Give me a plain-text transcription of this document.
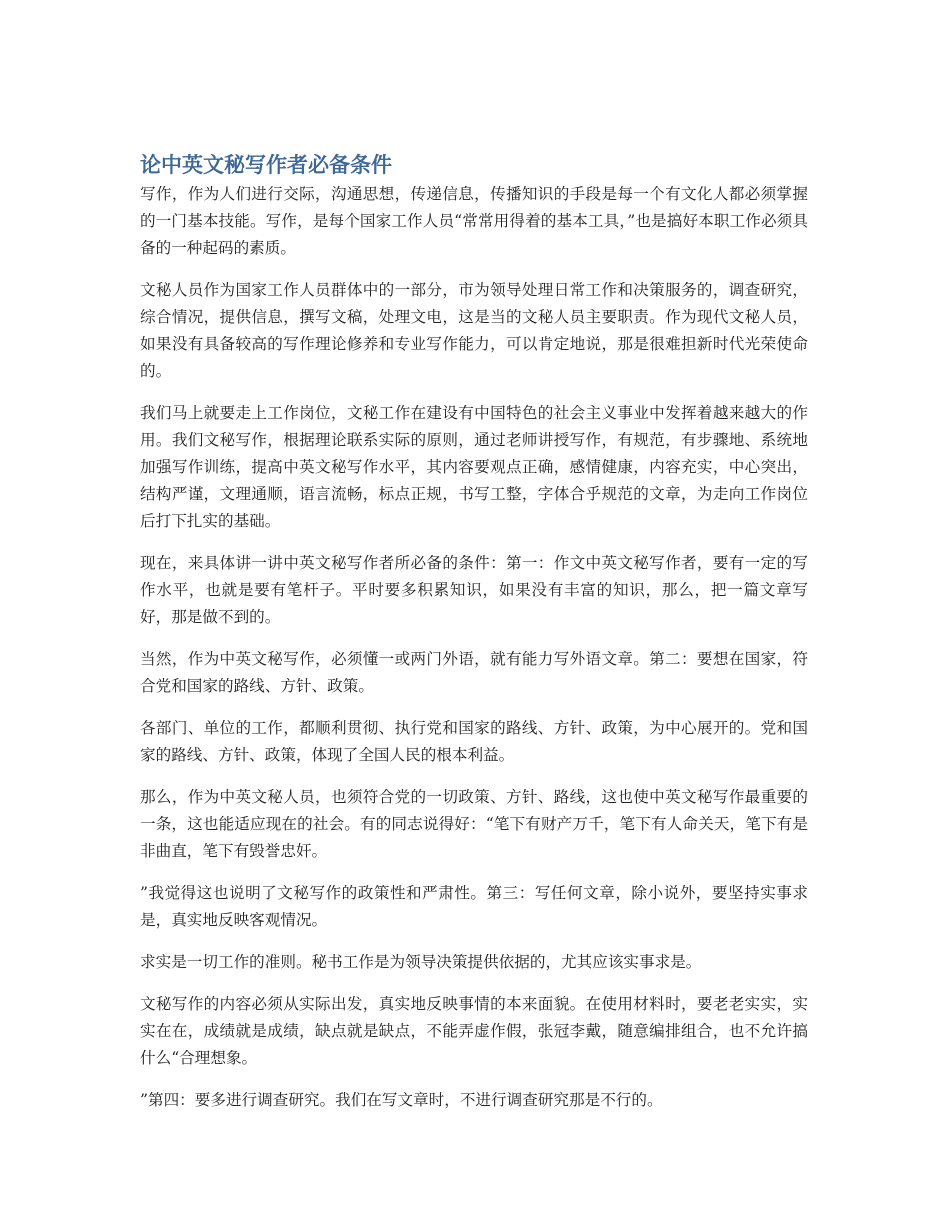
论中英文秘写作者必备条件

写作，作为人们进行交际，沟通思想，传递信息，传播知识的手段是每一个有文化人都必须掌握的一门基本技能。写作，是每个国家工作人员“常常用得着的基本工具，”也是搞好本职工作必须具备的一种起码的素质。

文秘人员作为国家工作人员群体中的一部分，市为领导处理日常工作和决策服务的，调查研究，综合情况，提供信息，撰写文稿，处理文电，这是当的文秘人员主要职责。作为现代文秘人员，如果没有具备较高的写作理论修养和专业写作能力，可以肯定地说，那是很难担新时代光荣使命的。

我们马上就要走上工作岗位，文秘工作在建设有中国特色的社会主义事业中发挥着越来越大的作用。我们文秘写作，根据理论联系实际的原则，通过老师讲授写作，有规范，有步骤地、系统地加强写作训练，提高中英文秘写作水平，其内容要观点正确，感情健康，内容充实，中心突出，结构严谨，文理通顺，语言流畅，标点正规，书写工整，字体合乎规范的文章，为走向工作岗位后打下扎实的基础。

现在，来具体讲一讲中英文秘写作者所必备的条件：第一：作文中英文秘写作者，要有一定的写作水平，也就是要有笔杆子。平时要多积累知识，如果没有丰富的知识，那么，把一篇文章写好，那是做不到的。

当然，作为中英文秘写作，必须懂一或两门外语，就有能力写外语文章。第二：要想在国家，符合党和国家的路线、方针、政策。

各部门、单位的工作，都顺利贯彻、执行党和国家的路线、方针、政策，为中心展开的。党和国家的路线、方针、政策，体现了全国人民的根本利益。

那么，作为中英文秘人员，也须符合党的一切政策、方针、路线，这也使中英文秘写作最重要的一条，这也能适应现在的社会。有的同志说得好：“笔下有财产万千，笔下有人命关天，笔下有是非曲直，笔下有毁誉忠奸。

”我觉得这也说明了文秘写作的政策性和严肃性。第三：写任何文章，除小说外，要坚持实事求是，真实地反映客观情况。

求实是一切工作的准则。秘书工作是为领导决策提供依据的，尤其应该实事求是。

文秘写作的内容必须从实际出发，真实地反映事情的本来面貌。在使用材料时，要老老实实，实实在在，成绩就是成绩，缺点就是缺点，不能弄虚作假，张冠李戴，随意编排组合，也不允许搞什么“合理想象。

”第四：要多进行调查研究。我们在写文章时，不进行调查研究那是不行的。
